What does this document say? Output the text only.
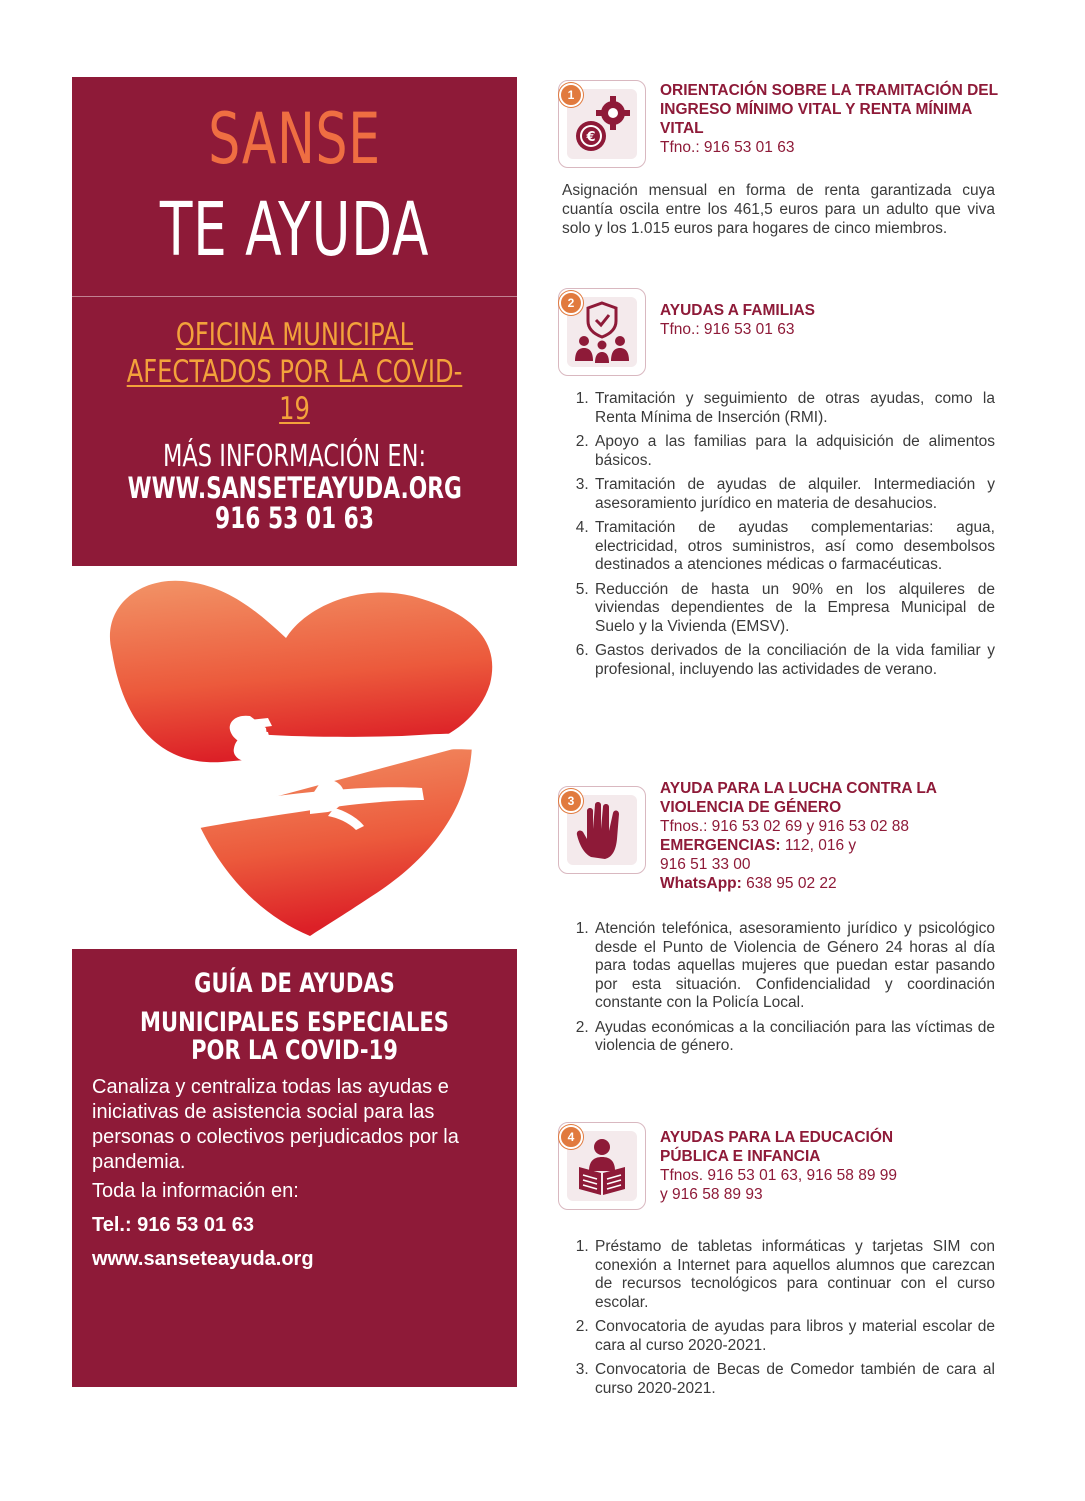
SANSE
TE AYUDA
OFICINA MUNICIPAL
AFECTADOS POR LA COVID-19
MÁS INFORMACIÓN EN:
WWW.SANSETEAYUDA.ORG
916 53 01 63
GUÍA DE AYUDAS
MUNICIPALES ESPECIALES POR LA COVID-19
Canaliza y centraliza todas las ayudas e iniciativas de asistencia social para las personas o colectivos perjudicados por la pandemia.
Toda la información en:
Tel.: 916 53 01 63
www.sanseteayuda.org
€
1	ORIENTACIÓN SOBRE LA TRAMITACIÓN DEL INGRESO MÍNIMO VITAL Y RENTA MÍNIMA VITAL
Tfno.: 916 53 01 63
Asignación mensual en forma de renta garantizada cuya cuantía oscila entre los 461,5 euros para un adulto que viva solo y los 1.015 euros para hogares de cinco miembros.
2	AYUDAS A FAMILIAS
Tfno.: 916 53 01 63
1. Tramitación y seguimiento de otras ayudas, como la Renta Mínima de Inserción (RMI).
2. Apoyo a las familias para la adquisición de alimentos básicos.
3. Tramitación de ayudas de alquiler. Intermediación y asesoramiento jurídico en materia de desahucios.
4. Tramitación de ayudas complementarias: agua, electricidad, otros suministros, así como desembolsos destinados a atenciones médicas o farmacéuticas.
5. Reducción de hasta un 90% en los alquileres de viviendas dependientes de la Empresa Municipal de Suelo y la Vivienda (EMSV).
6. Gastos derivados de la conciliación de la vida familiar y profesional, incluyendo las actividades de verano.
3
AYUDA PARA LA LUCHA CONTRA LA VIOLENCIA DE GÉNERO
Tfnos.: 916 53 02 69 y 916 53 02 88
EMERGENCIAS: 112, 016 y
916 51 33 00
WhatsApp: 638 95 02 22
1. Atención telefónica, asesoramiento jurídico y psicológico desde el Punto de Violencia de Género 24 horas al día para todas aquellas mujeres que puedan estar pasando por esta situación. Confidencialidad y coordinación constante con la Policía Local.
2. Ayudas económicas a la conciliación para las víctimas de violencia de género.
4	AYUDAS PARA LA EDUCACIÓN
PÚBLICA E INFANCIA
Tfnos. 916 53 01 63, 916 58 89 99
y 916 58 89 93
1. Préstamo de tabletas informáticas y tarjetas SIM con conexión a Internet para aquellos alumnos que carezcan de recursos tecnológicos para continuar con el curso escolar.
2. Convocatoria de ayudas para libros y material escolar de cara al curso 2020-2021.
3. Convocatoria de Becas de Comedor también de cara al curso 2020-2021.
